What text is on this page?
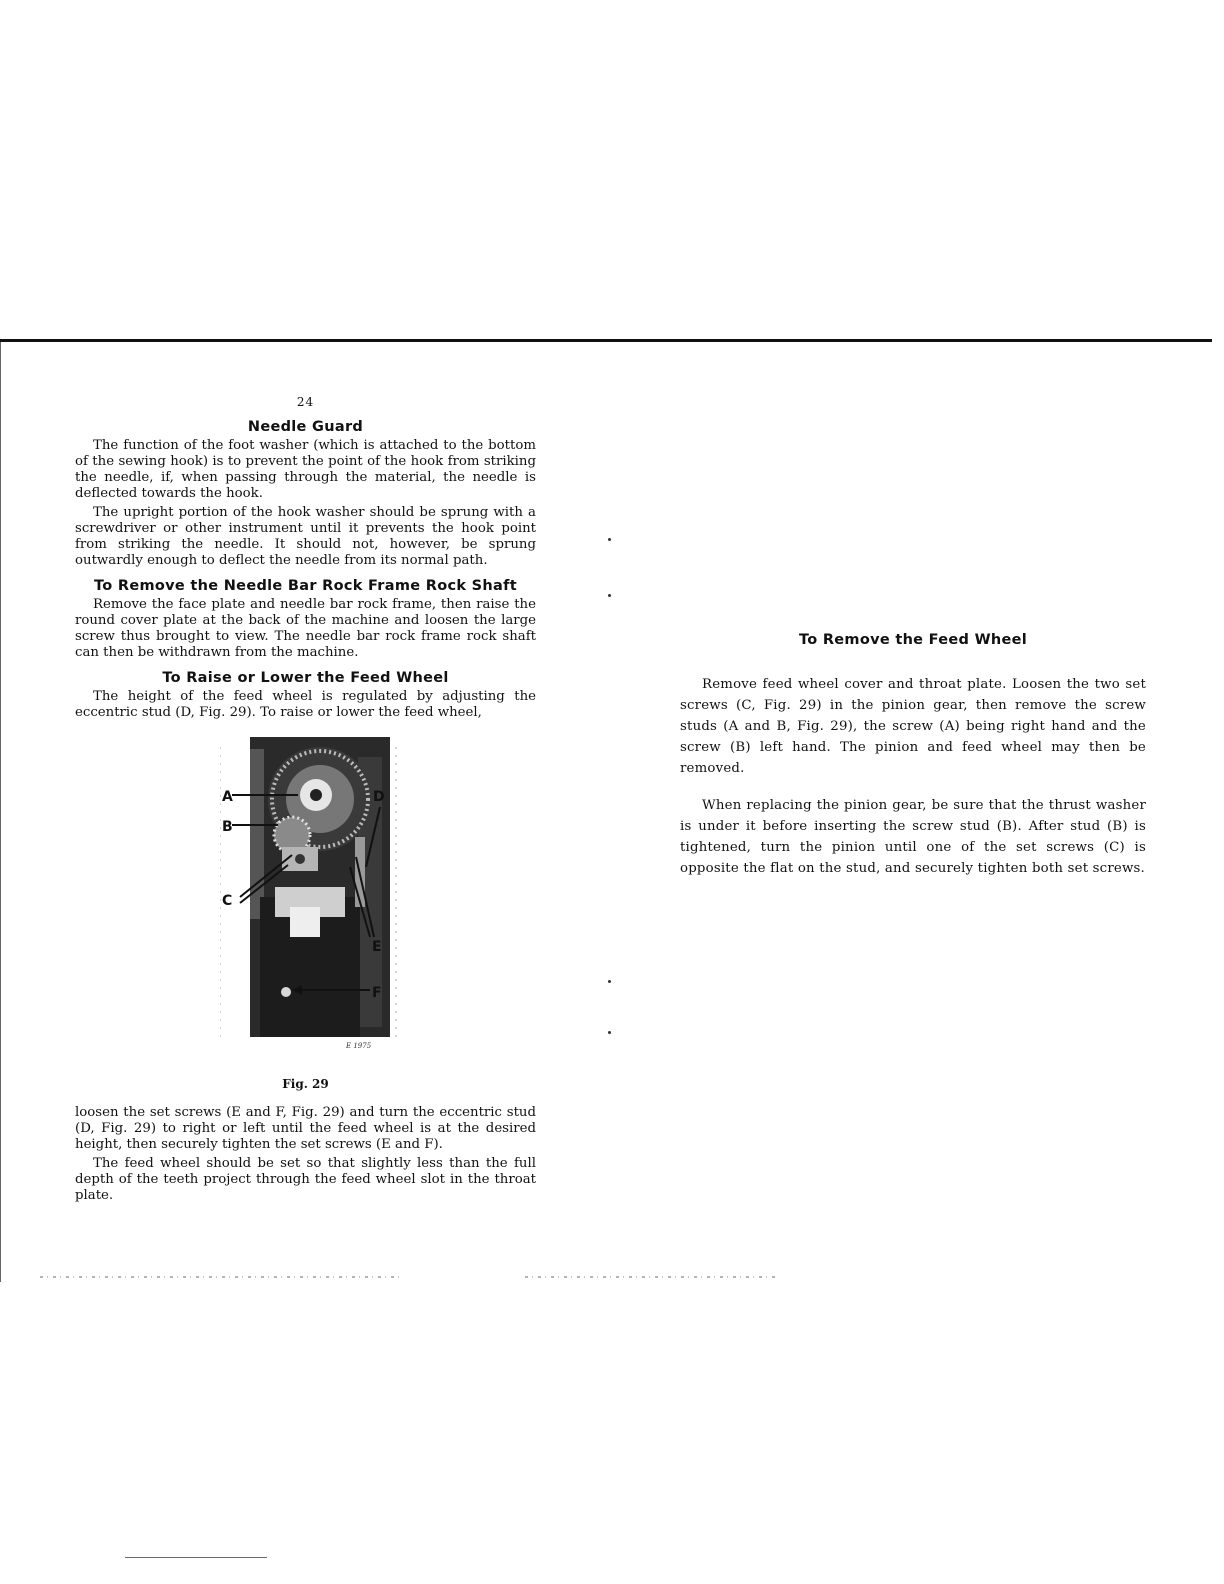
24
Needle Guard

The function of the foot washer (which is attached to the bottom of the sewing hook) is to prevent the point of the hook from striking the needle, if, when passing through the material, the needle is deflected towards the hook.

The upright portion of the hook washer should be sprung with a screwdriver or other instrument until it prevents the hook point from striking the needle. It should not, however, be sprung outwardly enough to deflect the needle from its normal path.

To Remove the Needle Bar Rock Frame Rock Shaft

Remove the face plate and needle bar rock frame, then raise the round cover plate at the back of the machine and loosen the large screw thus brought to view. The needle bar rock frame rock shaft can then be withdrawn from the machine.

To Raise or Lower the Feed Wheel

The height of the feed wheel is regulated by adjusting the eccentric stud (D, Fig. 29). To raise or lower the feed wheel,

A
B
C
D
E
F
E 1975
Fig. 29

loosen the set screws (E and F, Fig. 29) and turn the eccentric stud (D, Fig. 29) to right or left until the feed wheel is at the desired height, then securely tighten the set screws (E and F).

The feed wheel should be set so that slightly less than the full depth of the teeth project through the feed wheel slot in the throat plate.

To Remove the Feed Wheel

Remove feed wheel cover and throat plate. Loosen the two set screws (C, Fig. 29) in the pinion gear, then remove the screw studs (A and B, Fig. 29), the screw (A) being right hand and the screw (B) left hand. The pinion and feed wheel may then be removed.

When replacing the pinion gear, be sure that the thrust washer is under it before inserting the screw stud (B). After stud (B) is tightened, turn the pinion until one of the set screws (C) is opposite the flat on the stud, and securely tighten both set screws.
